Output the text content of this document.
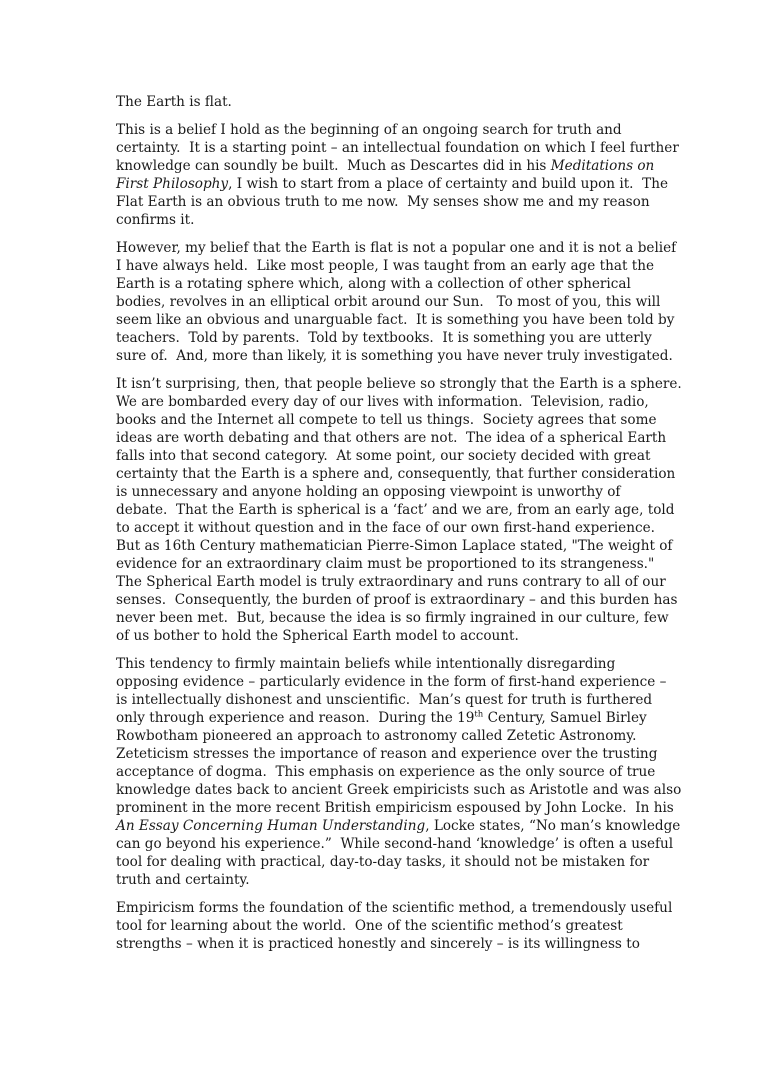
The Earth is flat.

This is a belief I hold as the beginning of an ongoing search for truth and
certainty.  It is a starting point – an intellectual foundation on which I feel further
knowledge can soundly be built.  Much as Descartes did in his Meditations on
First Philosophy, I wish to start from a place of certainty and build upon it.  The
Flat Earth is an obvious truth to me now.  My senses show me and my reason
confirms it.

However, my belief that the Earth is flat is not a popular one and it is not a belief
I have always held.  Like most people, I was taught from an early age that the
Earth is a rotating sphere which, along with a collection of other spherical
bodies, revolves in an elliptical orbit around our Sun.   To most of you, this will
seem like an obvious and unarguable fact.  It is something you have been told by
teachers.  Told by parents.  Told by textbooks.  It is something you are utterly
sure of.  And, more than likely, it is something you have never truly investigated.

It isn’t surprising, then, that people believe so strongly that the Earth is a sphere.
We are bombarded every day of our lives with information.  Television, radio,
books and the Internet all compete to tell us things.  Society agrees that some
ideas are worth debating and that others are not.  The idea of a spherical Earth
falls into that second category.  At some point, our society decided with great
certainty that the Earth is a sphere and, consequently, that further consideration
is unnecessary and anyone holding an opposing viewpoint is unworthy of
debate.  That the Earth is spherical is a ‘fact’ and we are, from an early age, told
to accept it without question and in the face of our own first-hand experience.
But as 16th Century mathematician Pierre-Simon Laplace stated, "The weight of
evidence for an extraordinary claim must be proportioned to its strangeness."
The Spherical Earth model is truly extraordinary and runs contrary to all of our
senses.  Consequently, the burden of proof is extraordinary – and this burden has
never been met.  But, because the idea is so firmly ingrained in our culture, few
of us bother to hold the Spherical Earth model to account.

This tendency to firmly maintain beliefs while intentionally disregarding
opposing evidence – particularly evidence in the form of first-hand experience –
is intellectually dishonest and unscientific.  Man’s quest for truth is furthered
only through experience and reason.  During the 19th Century, Samuel Birley
Rowbotham pioneered an approach to astronomy called Zetetic Astronomy.
Zeteticism stresses the importance of reason and experience over the trusting
acceptance of dogma.  This emphasis on experience as the only source of true
knowledge dates back to ancient Greek empiricists such as Aristotle and was also
prominent in the more recent British empiricism espoused by John Locke.  In his
An Essay Concerning Human Understanding, Locke states, “No man’s knowledge
can go beyond his experience.”  While second-hand ‘knowledge’ is often a useful
tool for dealing with practical, day-to-day tasks, it should not be mistaken for
truth and certainty.

Empiricism forms the foundation of the scientific method, a tremendously useful
tool for learning about the world.  One of the scientific method’s greatest
strengths – when it is practiced honestly and sincerely – is its willingness to
